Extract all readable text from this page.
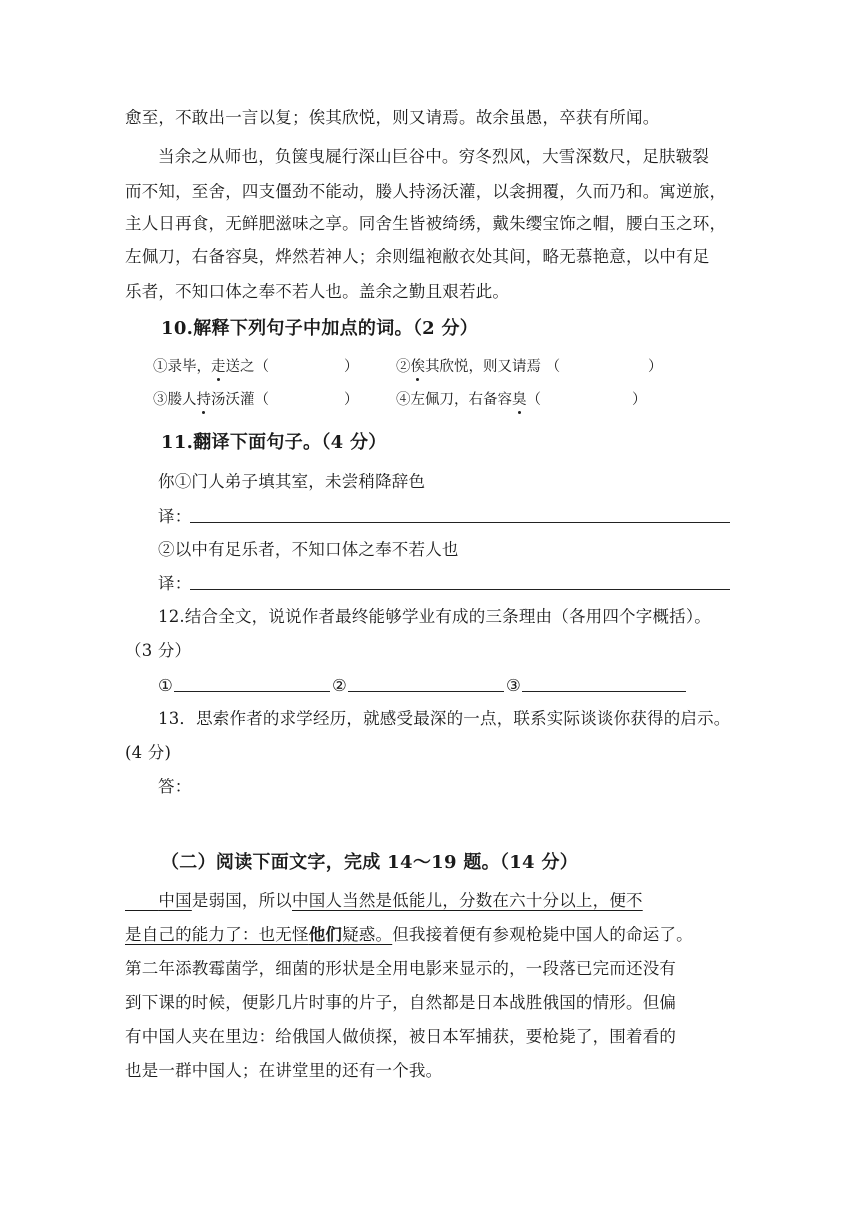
愈至，不敢出一言以复；俟其欣悦，则又请焉。故余虽愚，卒获有所闻。
当余之从师也，负箧曳屣行深山巨谷中。穷冬烈风，大雪深数尺，足肤皲裂
而不知，至舍，四支僵劲不能动，媵人持汤沃灌，以衾拥覆，久而乃和。寓逆旅，
主人日再食，无鲜肥滋味之享。同舍生皆被绮绣，戴朱缨宝饰之帽，腰白玉之环，
左佩刀，右备容臭，烨然若神人；余则缊袍敝衣处其间，略无慕艳意，以中有足
乐者，不知口体之奉不若人也。盖余之勤且艰若此。
10.解释下列句子中加点的词。（2 分）
①录毕，走送之（	）	②俟其欣悦，则又请焉 （	）
③媵人持汤沃灌（	）	④左佩刀，右备容臭（	）
11.翻译下面句子。（4 分）
你①门人弟子填其室，未尝稍降辞色
译：
②以中有足乐者，不知口体之奉不若人也
译：
12.结合全文，说说作者最终能够学业有成的三条理由（各用四个字概括）。
（3 分）
①	②	③
13．思索作者的求学经历，就感受最深的一点，联系实际谈谈你获得的启示。
(4 分)
答：
（二）阅读下面文字，完成 14～19 题。（14 分）
  中国是弱国，所以中国人当然是低能儿，分数在六十分以上，便不
是自己的能力了：也无怪他们疑惑。但我接着便有参观枪毙中国人的命运了。
第二年添教霉菌学，细菌的形状是全用电影来显示的，一段落已完而还没有
到下课的时候，便影几片时事的片子，自然都是日本战胜俄国的情形。但偏
有中国人夹在里边：给俄国人做侦探，被日本军捕获，要枪毙了，围着看的
也是一群中国人；在讲堂里的还有一个我。
